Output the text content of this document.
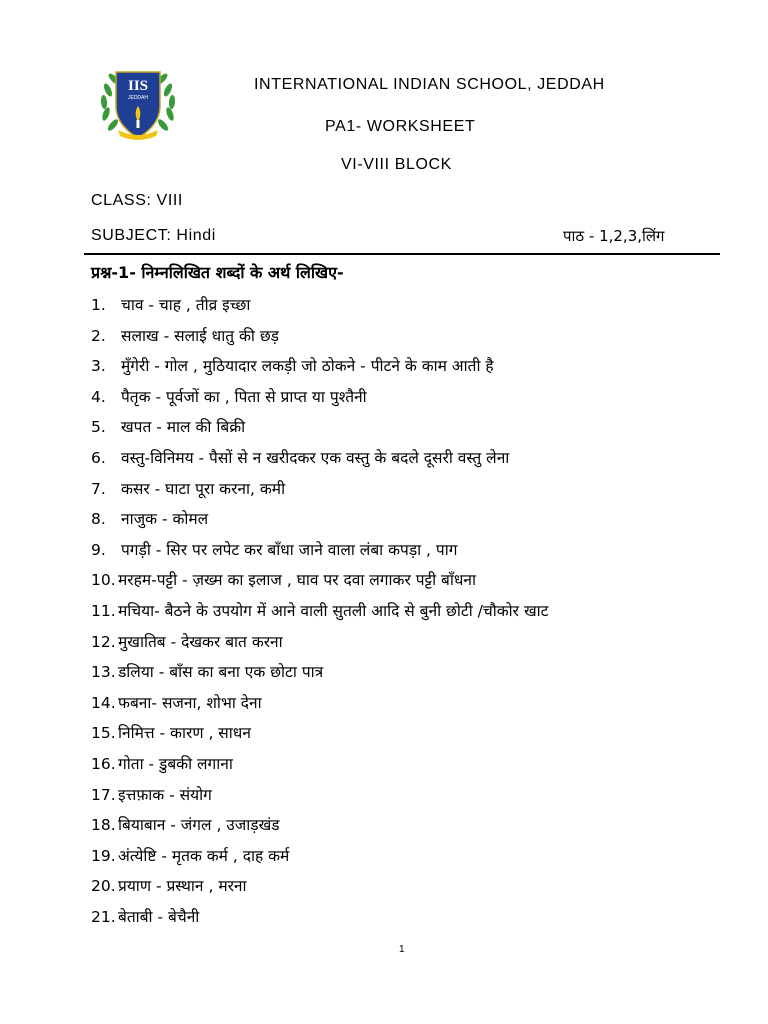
IIS
JEDDAH
INTERNATIONAL INDIAN SCHOOL, JEDDAH
PA1- WORKSHEET
VI-VIII BLOCK
CLASS: VIII
SUBJECT: Hindi	पाठ - 1,2,3,लिंग
प्रश्न-1- निम्नलिखित शब्दों के अर्थ लिखिए-
1. चाव - चाह , तीव्र इच्छा
2. सलाख - सलाई धातु की छड़
3. मुँगेरी - गोल , मुठियादार लकड़ी जो ठोकने - पीटने के काम आती है
4. पैतृक - पूर्वजों का , पिता से प्राप्त या पुश्तैनी
5. खपत - माल की बिक्री
6. वस्तु-विनिमय - पैसों से न खरीदकर एक वस्तु के बदले दूसरी वस्तु लेना
7. कसर - घाटा पूरा करना, कमी
8. नाजुक - कोमल
9. पगड़ी - सिर पर लपेट कर बाँधा जाने वाला लंबा कपड़ा , पाग
10. मरहम-पट्टी - ज़ख्म का इलाज , घाव पर दवा लगाकर पट्टी बाँधना
11. मचिया- बैठने के उपयोग में आने वाली सुतली आदि से बुनी छोटी /चौकोर खाट
12. मुखातिब - देखकर बात करना
13. डलिया - बाँस का बना एक छोटा पात्र
14. फबना- सजना, शोभा देना
15. निमित्त - कारण , साधन
16. गोता - डुबकी लगाना
17. इत्तफ़ाक - संयोग
18. बियाबान - जंगल , उजाड़खंड
19. अंत्येष्टि - मृतक कर्म , दाह कर्म
20. प्रयाण - प्रस्थान , मरना
21. बेताबी - बेचैनी
1
